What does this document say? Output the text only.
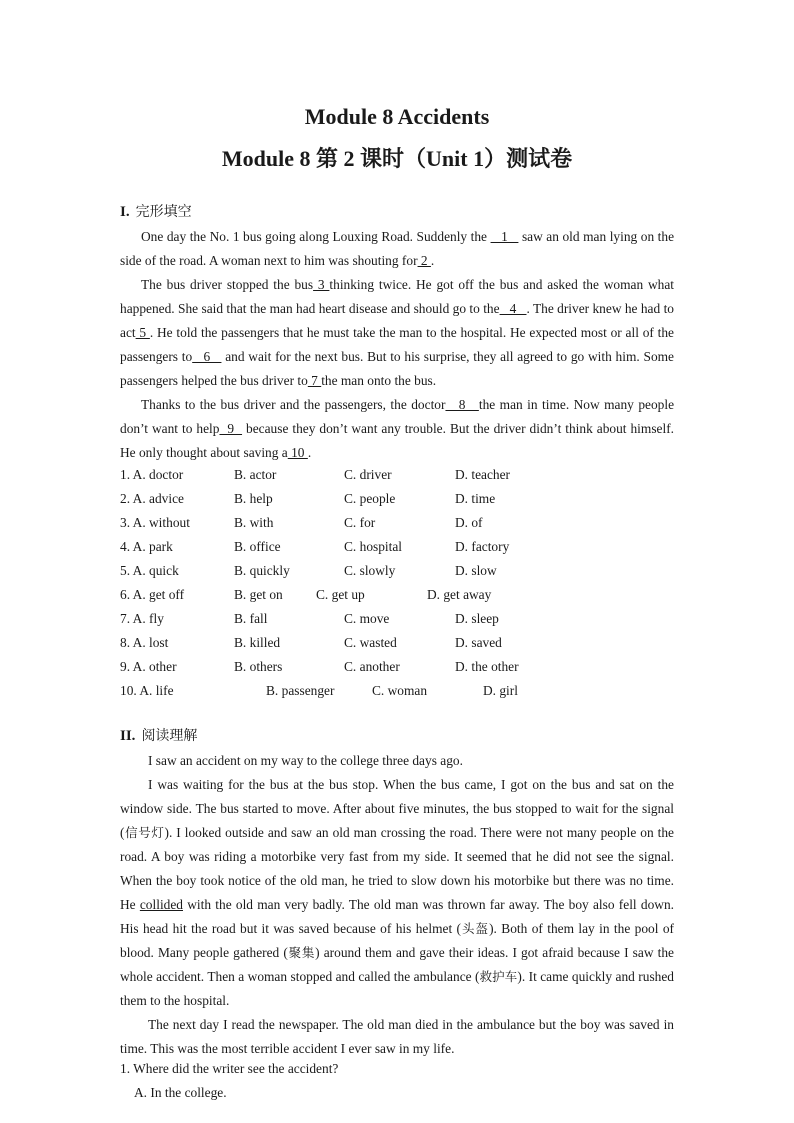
Module 8 Accidents
Module 8 第 2 课时（Unit 1）测试卷
I. 完形填空

One day the No. 1 bus going along Louxing Road. Suddenly the    1    saw an old man lying on the side of the road. A woman next to him was shouting for 2 .

The bus driver stopped the bus 3 thinking twice. He got off the bus and asked the woman what happened. She said that the man had heart disease and should go to the   4   . The driver knew he had to act 5 . He told the passengers that he must take the man to the hospital. He expected most or all of the passengers to   6    and wait for the next bus. But to his surprise, they all agreed to go with him. Some passengers helped the bus driver to 7 the man onto the bus.

Thanks to the bus driver and the passengers, the doctor   8   the man in time. Now many people don’t want to help  9   because they don’t want any trouble. But the driver didn’t think about himself. He only thought about saving a 10 .

1. A. doctor	B. actor	C. driver	D. teacher
2. A. advice	B. help	C. people	D. time
3. A. without	B. with	C. for	D. of
4. A. park	B. office	C. hospital	D. factory
5. A. quick	B. quickly	C. slowly	D. slow
6. A. get off	B. get on C. get up	D. get away
7. A. fly	B. fall	C. move	D. sleep
8. A. lost	B. killed	C. wasted	D. saved
9. A. other	B. others	C. another	D. the other
10. A. life	B. passenger	C. woman	D. girl
II. 阅读理解

I saw an accident on my way to the college three days ago.

I was waiting for the bus at the bus stop. When the bus came, I got on the bus and sat on the window side. The bus started to move. After about five minutes, the bus stopped to wait for the signal (信号灯). I looked outside and saw an old man crossing the road. There were not many people on the road. A boy was riding a motorbike very fast from my side. It seemed that he did not see the signal. When the boy took notice of the old man, he tried to slow down his motorbike but there was no time. He collided with the old man very badly. The old man was thrown far away. The boy also fell down. His head hit the road but it was saved because of his helmet (头盔). Both of them lay in the pool of blood. Many people gathered (聚集) around them and gave their ideas. I got afraid because I saw the whole accident. Then a woman stopped and called the ambulance (救护车). It came quickly and rushed them to the hospital.

The next day I read the newspaper. The old man died in the ambulance but the boy was saved in time. This was the most terrible accident I ever saw in my life.

1. Where did the writer see the accident?
A. In the college.
